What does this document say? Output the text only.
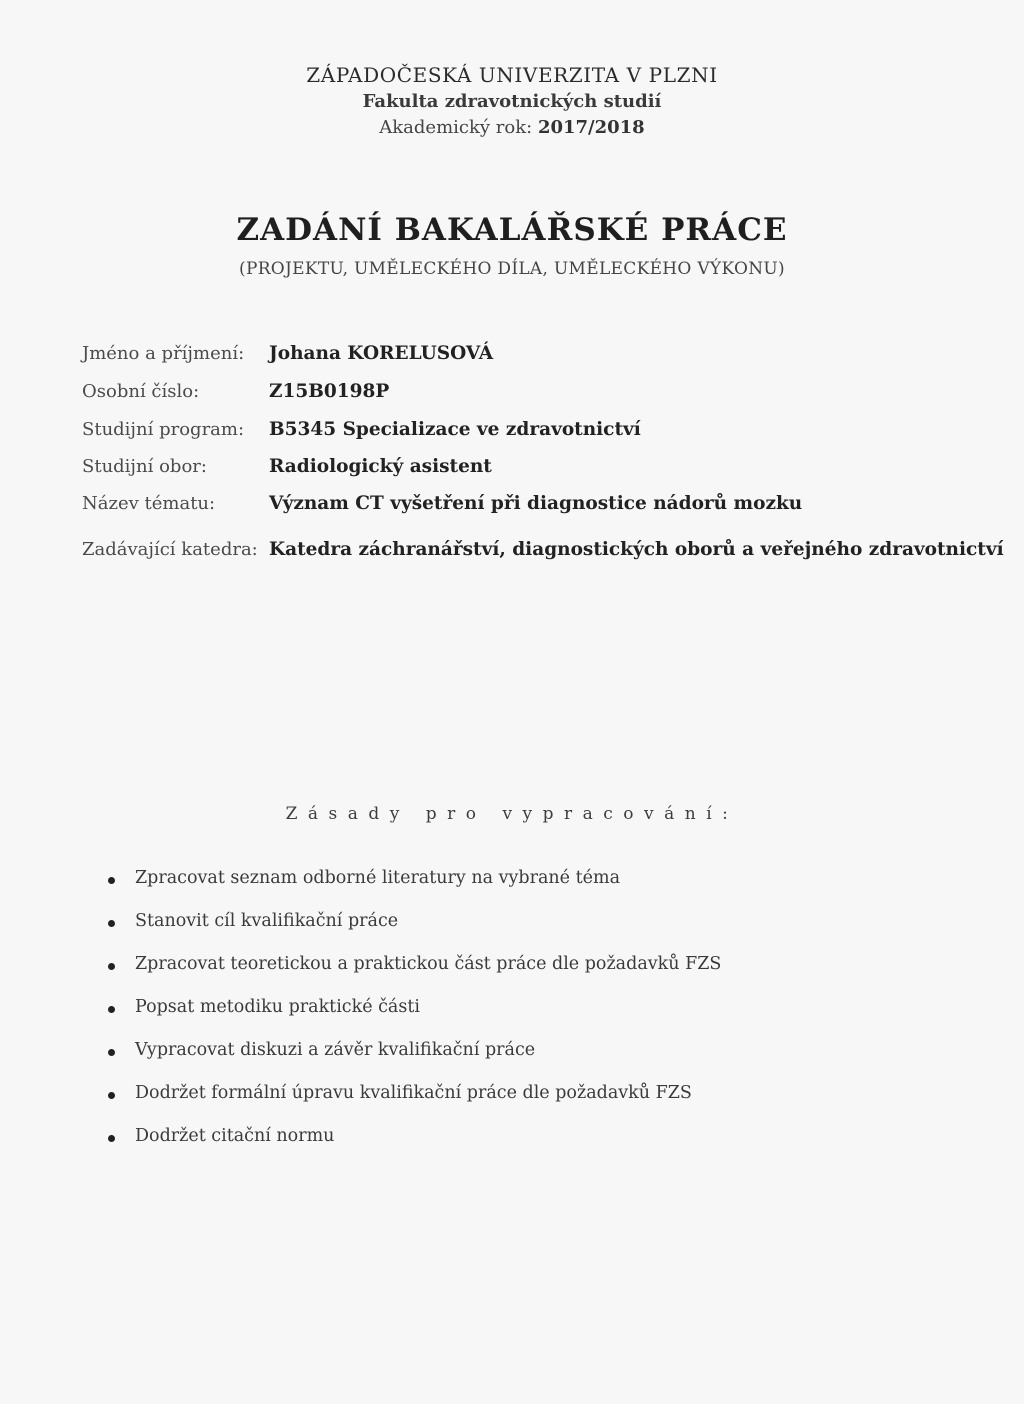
ZÁPADOČESKÁ UNIVERZITA V PLZNI
Fakulta zdravotnických studií
Akademický rok: 2017/2018
ZADÁNÍ BAKALÁŘSKÉ PRÁCE
(PROJEKTU, UMĚLECKÉHO DÍLA, UMĚLECKÉHO VÝKONU)
Jméno a příjmení: Johana KORELUSOVÁ
Osobní číslo:	Z15B0198P
Studijní program: B5345 Specializace ve zdravotnictví
Studijní obor:	Radiologický asistent
Název tématu:	Význam CT vyšetření při diagnostice nádorů mozku
Zadávající katedra: Katedra záchranářství, diagnostických oborů a veřejného zdravotnictví
Zásady pro vypracování:
Zpracovat seznam odborné literatury na vybrané téma
Stanovit cíl kvalifikační práce
Zpracovat teoretickou a praktickou část práce dle požadavků FZS
Popsat metodiku praktické části
Vypracovat diskuzi a závěr kvalifikační práce
Dodržet formální úpravu kvalifikační práce dle požadavků FZS
Dodržet citační normu
